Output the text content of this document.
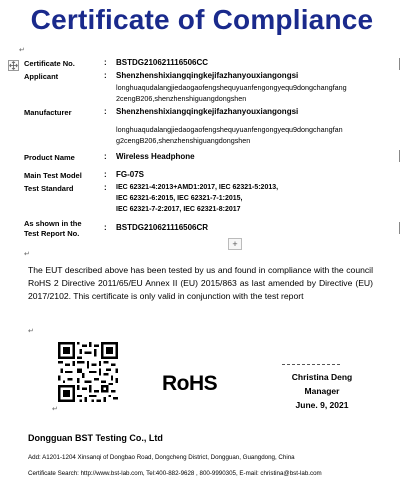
Certificate of Compliance
↵
Certificate No.	: BSTDG210621116506CC
Applicant	: Shenzhenshixiangqingkejifazhanyouxiangongsi
longhuaqudalangjiedaogaofengshequyuanfengongyequ9dongchangfang
2cengB206,shenzhenshiguangdongshen
Manufacturer	: Shenzhenshixiangqingkejifazhanyouxiangongsi
longhuaqudalangjiedaogaofengshequyuanfengongyequ9dongchangfan
g2cengB206,shenzhenshiguangdongshen
Product Name	: Wireless Headphone
Main Test Model	: FG-07S
Test Standard	: IEC 62321-4:2013+AMD1:2017, IEC 62321-5:2013,
IEC 62321-6:2015, IEC 62321-7-1:2015,
IEC 62321-7-2:2017, IEC 62321-8:2017
As shown in the
Test Report No.
: BSTDG210621116506CR
+
↵
The EUT described above has been tested by us and found in compliance with the council RoHS 2 Directive 2011/65/EU Annex II (EU) 2015/863 as last amended by Directive (EU) 2017/2102. This certificate is only valid in conjunction with the test report
↵
RoHS	Christina Deng
Manager
June. 9, 2021
↵
Dongguan BST Testing Co., Ltd
Add: A1201-1204 Xinsanqi of Dongbao Road, Dongcheng District, Dongguan, Guangdong, China
Certificate Search: http://www.bst-lab.com, Tel:400-882-9628 , 800-9990305, E-mail: christina@bst-lab.com
